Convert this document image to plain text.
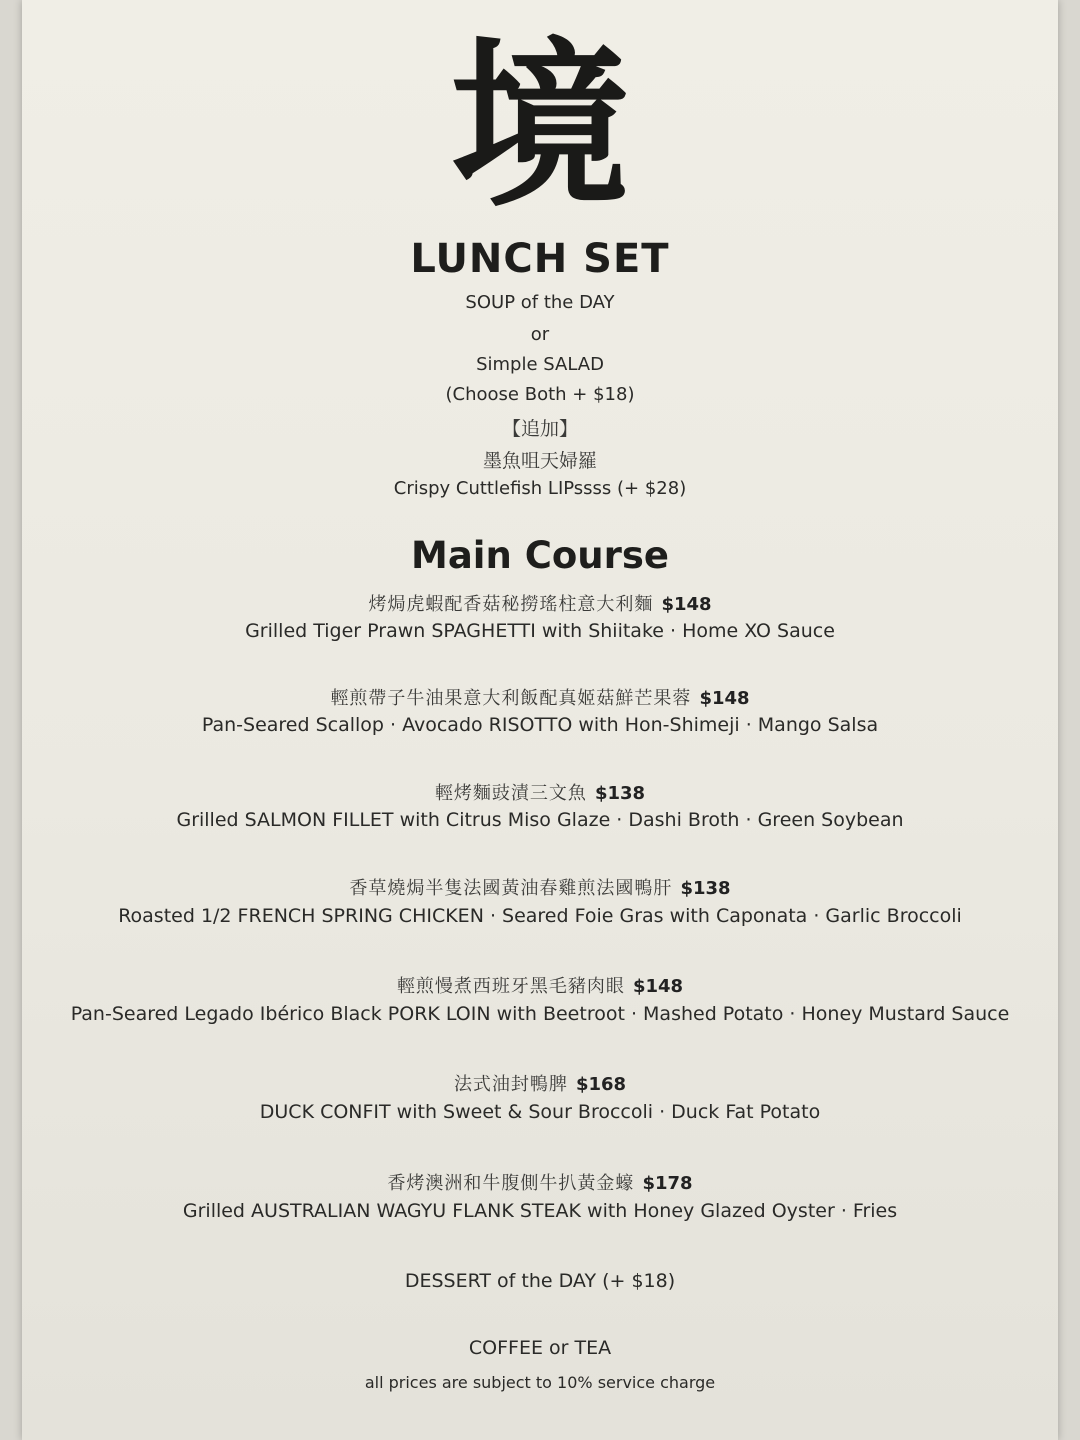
境
LUNCH SET
SOUP of the DAY
or
Simple SALAD
(Choose Both + $18)
【追加】
墨魚咀天婦羅
Crispy Cuttlefish LIPssss (+ $28)
Main Course
烤焗虎蝦配香菇秘撈瑤柱意大利麵 $148
Grilled Tiger Prawn SPAGHETTI with Shiitake · Home XO Sauce
輕煎帶子牛油果意大利飯配真姬菇鮮芒果蓉 $148
Pan-Seared Scallop · Avocado RISOTTO with Hon-Shimeji · Mango Salsa
輕烤麵豉漬三文魚 $138
Grilled SALMON FILLET with Citrus Miso Glaze · Dashi Broth · Green Soybean
香草燒焗半隻法國黃油春雞煎法國鴨肝 $138
Roasted 1/2 FRENCH SPRING CHICKEN · Seared Foie Gras with Caponata · Garlic Broccoli
輕煎慢煮西班牙黑毛豬肉眼 $148
Pan-Seared Legado Ibérico Black PORK LOIN with Beetroot · Mashed Potato · Honey Mustard Sauce
法式油封鴨脾 $168
DUCK CONFIT with Sweet & Sour Broccoli · Duck Fat Potato
香烤澳洲和牛腹側牛扒黃金蠔 $178
Grilled AUSTRALIAN WAGYU FLANK STEAK with Honey Glazed Oyster · Fries
DESSERT of the DAY (+ $18)
COFFEE or TEA
all prices are subject to 10% service charge
